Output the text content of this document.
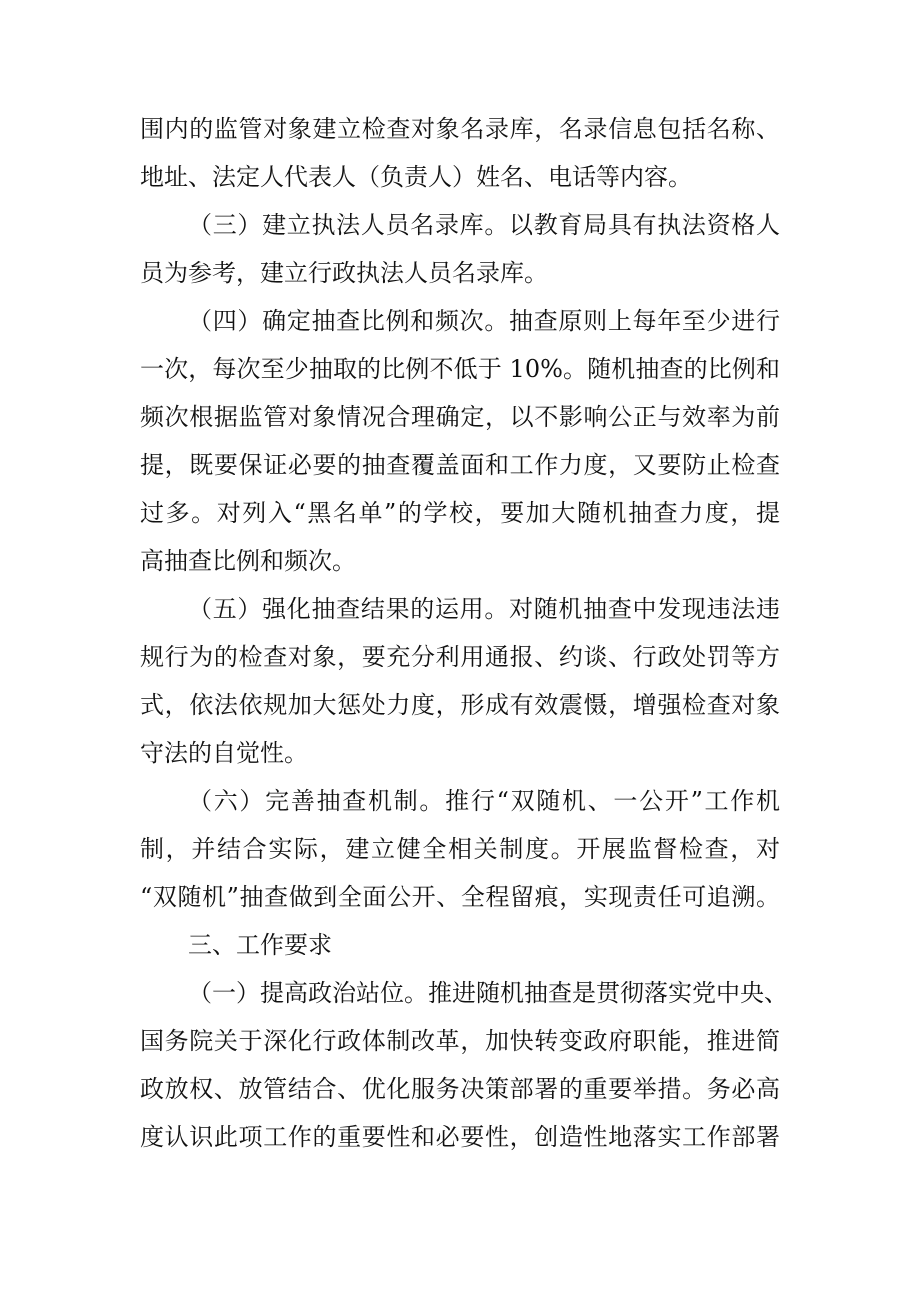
围内的监管对象建立检查对象名录库，名录信息包括名称、
地址、法定人代表人（负责人）姓名、电话等内容。
（三）建立执法人员名录库。以教育局具有执法资格人
员为参考，建立行政执法人员名录库。
（四）确定抽查比例和频次。抽查原则上每年至少进行
一次，每次至少抽取的比例不低于 10%。随机抽查的比例和
频次根据监管对象情况合理确定，以不影响公正与效率为前
提，既要保证必要的抽查覆盖面和工作力度，又要防止检查
过多。对列入“黑名单”的学校，要加大随机抽查力度，提
高抽查比例和频次。
（五）强化抽查结果的运用。对随机抽查中发现违法违
规行为的检查对象，要充分利用通报、约谈、行政处罚等方
式，依法依规加大惩处力度，形成有效震慑，增强检查对象
守法的自觉性。
（六）完善抽查机制。推行“双随机、一公开”工作机
制，并结合实际，建立健全相关制度。开展监督检查，对
“双随机”抽查做到全面公开、全程留痕，实现责任可追溯。
三、工作要求
（一）提高政治站位。推进随机抽查是贯彻落实党中央、
国务院关于深化行政体制改革，加快转变政府职能，推进简
政放权、放管结合、优化服务决策部署的重要举措。务必高
度认识此项工作的重要性和必要性，创造性地落实工作部署
